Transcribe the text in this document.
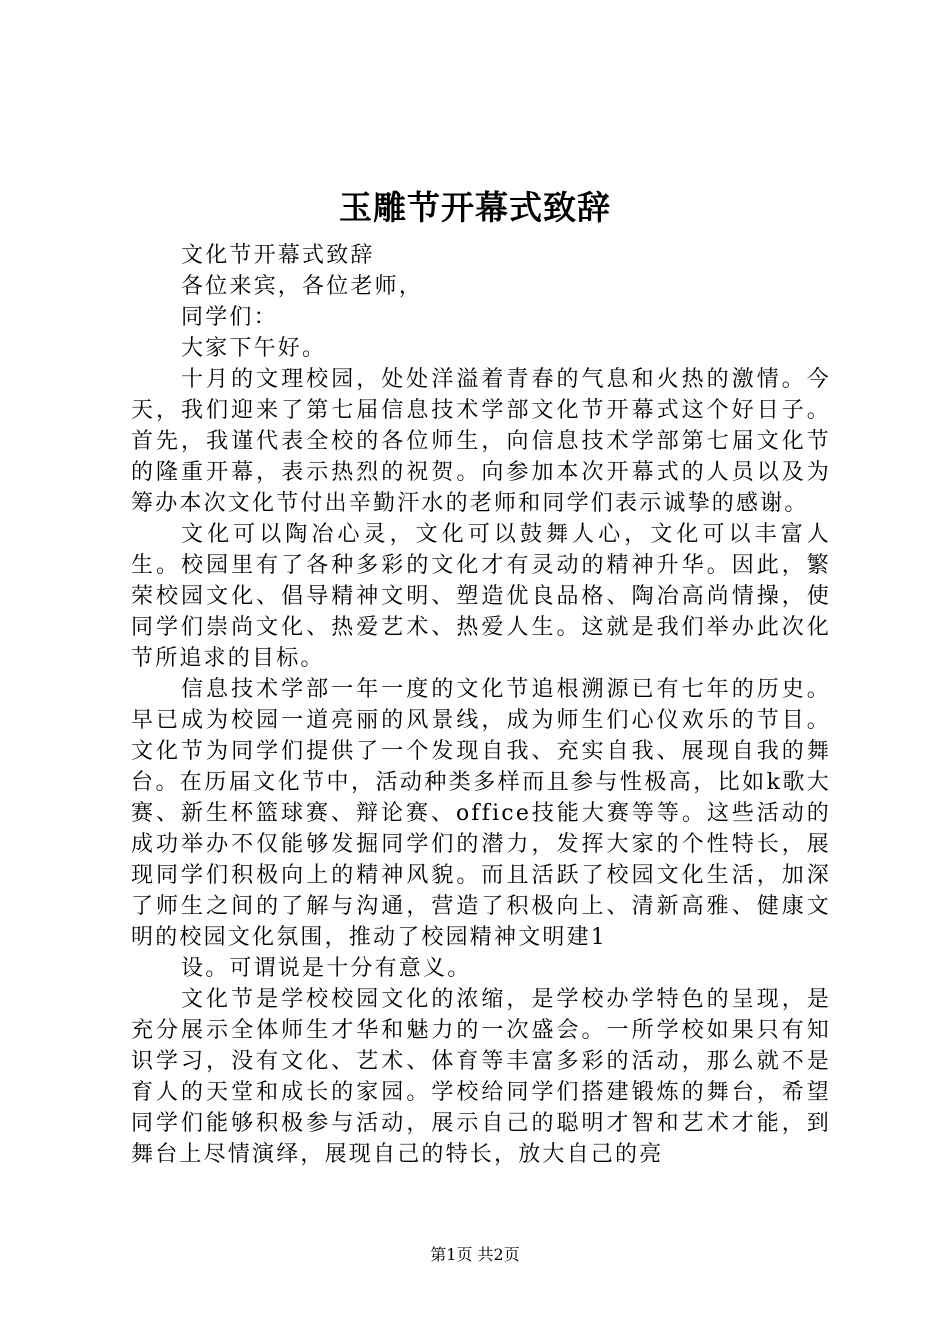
玉雕节开幕式致辞

文化节开幕式致辞

各位来宾，各位老师，

同学们：

大家下午好。

十月的文理校园，处处洋溢着青春的气息和火热的激情。今天，我们迎来了第七届信息技术学部文化节开幕式这个好日子。首先，我谨代表全校的各位师生，向信息技术学部第七届文化节的隆重开幕，表示热烈的祝贺。向参加本次开幕式的人员以及为筹办本次文化节付出辛勤汗水的老师和同学们表示诚挚的感谢。

文化可以陶冶心灵，文化可以鼓舞人心，文化可以丰富人生。校园里有了各种多彩的文化才有灵动的精神升华。因此，繁荣校园文化、倡导精神文明、塑造优良品格、陶冶高尚情操，使同学们崇尚文化、热爱艺术、热爱人生。这就是我们举办此次化节所追求的目标。

信息技术学部一年一度的文化节追根溯源已有七年的历史。早已成为校园一道亮丽的风景线，成为师生们心仪欢乐的节目。文化节为同学们提供了一个发现自我、充实自我、展现自我的舞台。在历届文化节中，活动种类多样而且参与性极高，比如k歌大赛、新生杯篮球赛、辩论赛、office技能大赛等等。这些活动的成功举办不仅能够发掘同学们的潜力，发挥大家的个性特长，展现同学们积极向上的精神风貌。而且活跃了校园文化生活，加深了师生之间的了解与沟通，营造了积极向上、清新高雅、健康文明的校园文化氛围，推动了校园精神文明建1

设。可谓说是十分有意义。

文化节是学校校园文化的浓缩，是学校办学特色的呈现，是充分展示全体师生才华和魅力的一次盛会。一所学校如果只有知识学习，没有文化、艺术、体育等丰富多彩的活动，那么就不是育人的天堂和成长的家园。学校给同学们搭建锻炼的舞台，希望同学们能够积极参与活动，展示自己的聪明才智和艺术才能，到舞台上尽情演绎，展现自己的特长，放大自己的亮

第1页 共2页
